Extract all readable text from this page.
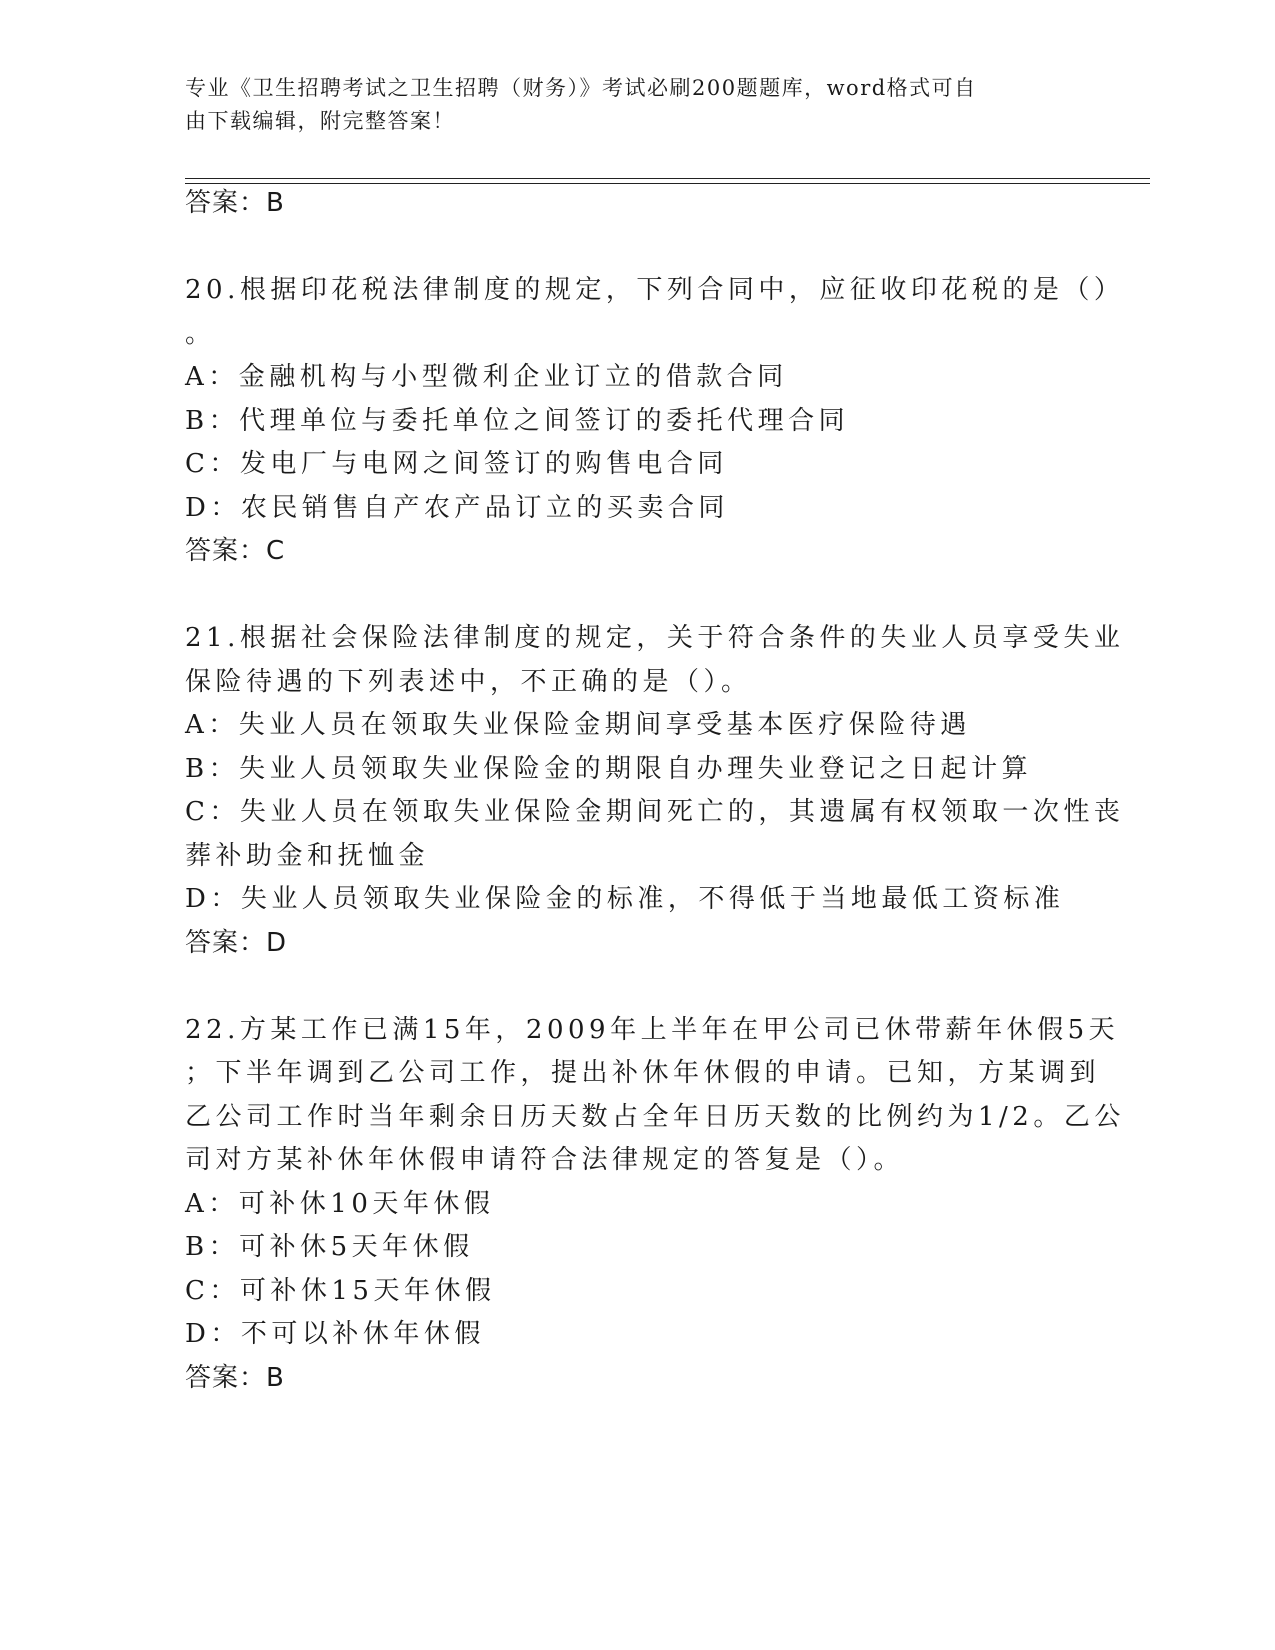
专业《卫生招聘考试之卫生招聘（财务）》考试必刷200题题库，word格式可自
由下载编辑，附完整答案！
答案：B
20.根据印花税法律制度的规定，下列合同中，应征收印花税的是（）
。
A：金融机构与小型微利企业订立的借款合同
B：代理单位与委托单位之间签订的委托代理合同
C：发电厂与电网之间签订的购售电合同
D：农民销售自产农产品订立的买卖合同
答案：C
21.根据社会保险法律制度的规定，关于符合条件的失业人员享受失业
保险待遇的下列表述中，不正确的是（）。
A：失业人员在领取失业保险金期间享受基本医疗保险待遇
B：失业人员领取失业保险金的期限自办理失业登记之日起计算
C：失业人员在领取失业保险金期间死亡的，其遗属有权领取一次性丧
葬补助金和抚恤金
D：失业人员领取失业保险金的标准，不得低于当地最低工资标准
答案：D
22.方某工作已满15年，2009年上半年在甲公司已休带薪年休假5天
；下半年调到乙公司工作，提出补休年休假的申请。已知，方某调到
乙公司工作时当年剩余日历天数占全年日历天数的比例约为1/2。乙公
司对方某补休年休假申请符合法律规定的答复是（）。
A：可补休10天年休假
B：可补休5天年休假
C：可补休15天年休假
D：不可以补休年休假
答案：B
